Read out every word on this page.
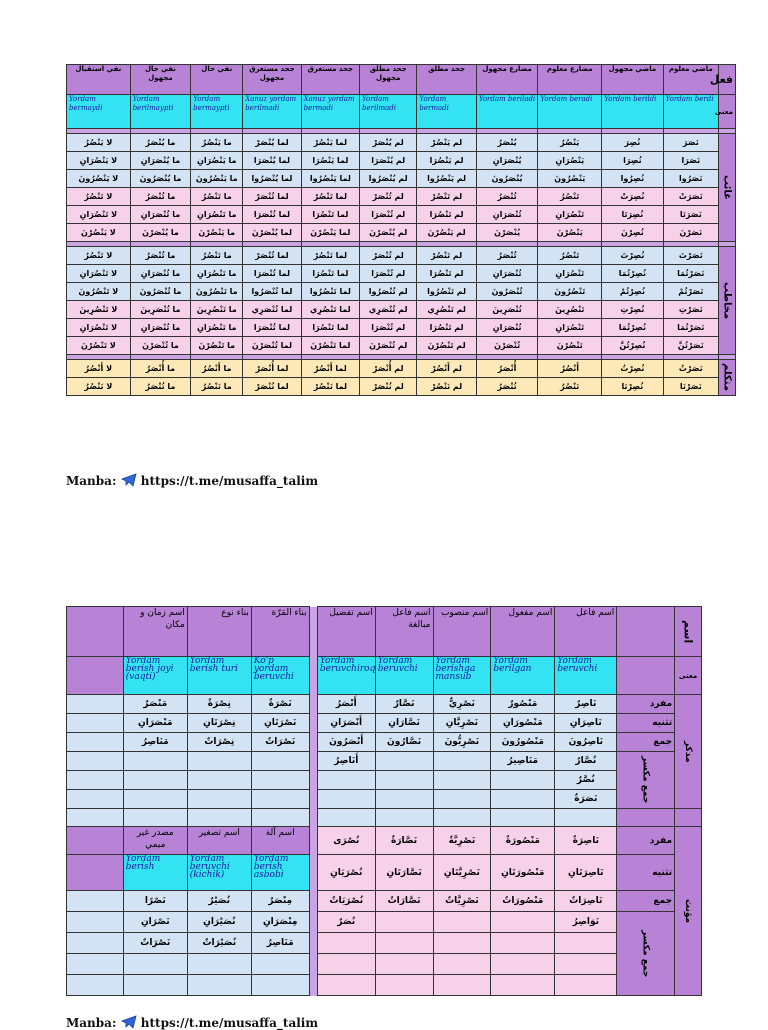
نفي استقبال	نفي حال مجهول	نفي حال	جحد مستغرق مجهول	جحد مستغرق	جحد مطلق مجهول	جحد مطلق	مضارع مجهول	مضارع معلوم	ماضي مجهول	ماضي معلوم	فعل
Yordam bermaydi	Yordam berilmaypti	Yordam bermaypti	Xanuz yordam berilmadi	Xanuz yordam bermadi	Yordam berilmadi	Yordam bermadi	Yordam beriladi	Yordam beradi	Yordam berildi	Yordam berdi	معنى

لا يَنْصُرُ	ما يُنْصَرُ	ما يَنْصُرُ	لما يُنْصَرْ	لما يَنْصُرْ	لم يُنْصَرْ	لم يَنْصُرْ	يُنْصَرُ	يَنْصُرُ	نُصِرَ	نَصَرَ	غائب
لا يَنْصُرَانِ	ما يُنْصَرَانِ	ما يَنْصُرَانِ	لما يُنْصَرَا	لما يَنْصُرَا	لم يُنْصَرَا	لم يَنْصُرَا	يُنْصَرَانِ	يَنْصُرَانِ	نُصِرَا	نَصَرَا	
لا يَنْصُرُونَ	ما يُنْصَرُونَ	ما يَنْصُرُونَ	لما يُنْصَرُوا	لما يَنْصُرُوا	لم يُنْصَرُوا	لم يَنْصُرُوا	يُنْصَرُونَ	يَنْصُرُونَ	نُصِرُوا	نَصَرُوا	
لا تَنْصُرُ	ما تُنْصَرُ	ما تَنْصُرُ	لما تُنْصَرْ	لما تَنْصُرْ	لم تُنْصَرْ	لم تَنْصُرْ	تُنْصَرُ	تَنْصُرُ	نُصِرَتْ	نَصَرَتْ	
لا تَنْصُرَانِ	ما تُنْصَرَانِ	ما تَنْصُرَانِ	لما تُنْصَرَا	لما تَنْصُرَا	لم تُنْصَرَا	لم تَنْصُرَا	تُنْصَرَانِ	تَنْصُرَانِ	نُصِرَتَا	نَصَرَتَا	
لا يَنْصُرْنَ	ما يُنْصَرْنَ	ما يَنْصُرْنَ	لما يُنْصَرْنَ	لما يَنْصُرْنَ	لم يُنْصَرْنَ	لم يَنْصُرْنَ	يُنْصَرْنَ	يَنْصُرْنَ	نُصِرْنَ	نَصَرْنَ	

لا تَنْصُرُ	ما تُنْصَرُ	ما تَنْصُرُ	لما تُنْصَرْ	لما تَنْصُرْ	لم تُنْصَرْ	لم تَنْصُرْ	تُنْصَرُ	تَنْصُرُ	نُصِرْتَ	نَصَرْتَ	مخاطب
لا تَنْصُرَانِ	ما تُنْصَرَانِ	ما تَنْصُرَانِ	لما تُنْصَرَا	لما تَنْصُرَا	لم تُنْصَرَا	لم تَنْصُرَا	تُنْصَرَانِ	تَنْصُرَانِ	نُصِرْتُمَا	نَصَرْتُمَا	
لا تَنْصُرُونَ	ما تُنْصَرُونَ	ما تَنْصُرُونَ	لما تُنْصَرُوا	لما تَنْصُرُوا	لم تُنْصَرُوا	لم تَنْصُرُوا	تُنْصَرُونَ	تَنْصُرُونَ	نُصِرْتُمْ	نَصَرْتُمْ	
لا تَنْصُرِينَ	ما تُنْصَرِينَ	ما تَنْصُرِينَ	لما تُنْصَرِي	لما تَنْصُرِي	لم تُنْصَرِي	لم تَنْصُرِي	تُنْصَرِينَ	تَنْصُرِينَ	نُصِرْتِ	نَصَرْتِ	
لا تَنْصُرَانِ	ما تُنْصَرَانِ	ما تَنْصُرَانِ	لما تُنْصَرَا	لما تَنْصُرَا	لم تُنْصَرَا	لم تَنْصُرَا	تُنْصَرَانِ	تَنْصُرَانِ	نُصِرْتُمَا	نَصَرْتُمَا	
لا تَنْصُرْنَ	ما تُنْصَرْنَ	ما تَنْصُرْنَ	لما تُنْصَرْنَ	لما تَنْصُرْنَ	لم تُنْصَرْنَ	لم تَنْصُرْنَ	تُنْصَرْنَ	تَنْصُرْنَ	نُصِرْتُنَّ	نَصَرْتُنَّ	

لا أَنْصُرُ	ما أُنْصَرُ	ما أَنْصُرُ	لما أُنْصَرْ	لما أَنْصُرْ	لم أُنْصَرْ	لم أَنْصُرْ	أُنْصَرُ	أَنْصُرُ	نُصِرْتُ	نَصَرْتُ	متكلم
لا نَنْصُرُ	ما نُنْصَرُ	ما نَنْصُرُ	لما نُنْصَرْ	لما نَنْصُرْ	لم نُنْصَرْ	لم نَنْصُرْ	نُنْصَرُ	نَنْصُرُ	نُصِرْنَا	نَصَرْنَا	
Manba: https://t.me/musaffa_talim
	اسم زمان و مكان	بناء نوع	بناء المَرّة		اسم تفضيل	اسم فاعل مبالغة	اسم منصوب	اسم مفعول	اسم فاعل		اسم
	Yordam berish joyi (vaqti)	Yordam berish turi	Ko'p yordam beruvchi		Yordam beruvchiroq	Yordam beruvchi	Yordam berishga mansub	Yordam berilgan	Yordam beruvchi		معنى
	مَنْصَرٌ	نِصْرَةٌ	نَصْرَةٌ		أَنْصَرُ	نَصَّارٌ	نَصْرِيٌّ	مَنْصُورٌ	نَاصِرٌ	مفرد	مذكر
	مَنْصَرَانِ	نِصْرَتَانِ	نَصْرَتَانِ		أَنْصَرَانِ	نَصَّارَانِ	نَصْرِيَّانِ	مَنْصُورَانِ	نَاصِرَانِ	تثنيه	
	مَنَاصِرُ	نِصْرَاتٌ	نَصْرَاتٌ		أَنْصَرُونَ	نَصَّارُونَ	نَصْرِيُّونَ	مَنْصُورُونَ	نَاصِرُونَ	جمع	
					أَنَاصِرُ			مَنَاصِيرُ	نُصَّارٌ	جمع مكسر	
									نُصَّرٌ		
									نَصَرَةٌ		

	مصدر غير ميمي	اسم تصغير	اسم آلة		نُصْرَى	نَصَّارَةٌ	نَصْرِيَّةٌ	مَنْصُورَةٌ	نَاصِرَةٌ	مفرد	مؤنث
	Yordam berish	Yordam beruvchi (kichik)	Yordam berish asbobi		نُصْرَيَانِ	نَصَّارَتَانِ	نَصْرِيَّتَانِ	مَنْصُورَتَانِ	نَاصِرَتَانِ	تثنيه	
	نَصْرًا	نُصَيْرٌ	مِنْصَرٌ		نُصْرَيَاتٌ	نَصَّارَاتٌ	نَصْرِيَّاتٌ	مَنْصُورَاتٌ	نَاصِرَاتٌ	جمع	
	نَصْرَانِ	نُصَيْرَانِ	مِنْصَرَانِ		نُصَرٌ				نَوَاصِرُ	جمع مكسر	
	نَصْرَاتٌ	نُصَيْرَاتٌ	مَنَاصِرُ								

Manba: https://t.me/musaffa_talim
